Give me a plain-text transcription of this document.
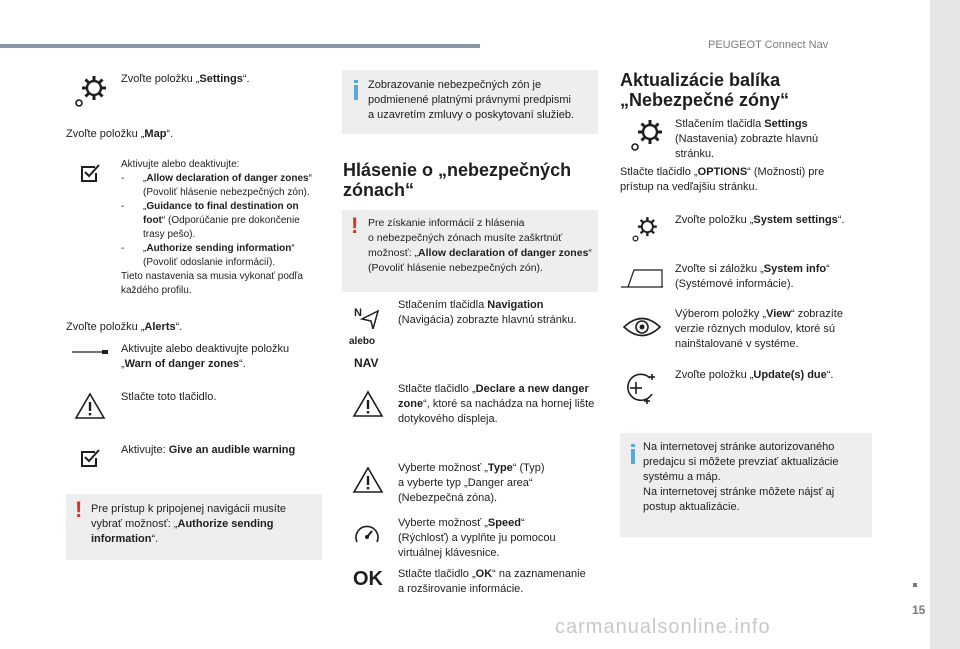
PEUGEOT Connect Nav
Zvoľte položku „Settings“.
Zvoľte položku „Map“.
Aktivujte alebo deaktivujte:
- „Allow declaration of danger zones“ (Povoliť hlásenie nebezpečných zón).
- „Guidance to final destination on foot“ (Odporúčanie pre dokončenie trasy pešo).
- „Authorize sending information“ (Povoliť odoslanie informácií).
Tieto nastavenia sa musia vykonať podľa každého profilu.
Zvoľte položku „Alerts“.
Aktivujte alebo deaktivujte položku
„Warn of danger zones“.
Stlačte toto tlačidlo.
Aktivujte: Give an audible warning
! Pre prístup k pripojenej navigácii musíte
vybrať možnosť: „Authorize sending information“.
Zobrazovanie nebezpečných zón je
podmienené platnými právnymi predpismi
a uzavretím zmluvy o poskytovaní služieb.
Hlásenie o „nebezpečných
zónach“
! Pre získanie informácií z hlásenia
o nebezpečných zónach musíte zaškrtnúť
možnosť: „Allow declaration of danger zones“ (Povoliť hlásenie nebezpečných zón).
N
alebo
NAV
Stlačením tlačidla Navigation
(Navigácia) zobrazte hlavnú stránku.
Stlačte tlačidlo „Declare a new danger zone“, ktoré sa nachádza na hornej lište dotykového displeja.
Vyberte možnosť „Type“ (Typ)
a vyberte typ „Danger area“
(Nebezpečná zóna).
Vyberte možnosť „Speed“
(Rýchlosť) a vyplňte ju pomocou
virtuálnej klávesnice.
OK Stlačte tlačidlo „OK“ na zaznamenanie
a rozširovanie informácie.
Aktualizácie balíka
„Nebezpečné zóny“
Stlačením tlačidla Settings
(Nastavenia) zobrazte hlavnú
stránku.
Stlačte tlačidlo „OPTIONS“ (Možnosti) pre
prístup na vedľajšiu stránku.
Zvoľte položku „System settings“.
Zvoľte si záložku „System info“
(Systémové informácie).
Výberom položky „View“ zobrazíte
verzie rôznych modulov, ktoré sú
nainštalované v systéme.
Zvoľte položku „Update(s) due“.
Na internetovej stránke autorizovaného
predajcu si môžete prevziať aktualizácie
systému a máp.
Na internetovej stránke môžete nájsť aj
postup aktualizácie.
15
carmanualsonline.info
